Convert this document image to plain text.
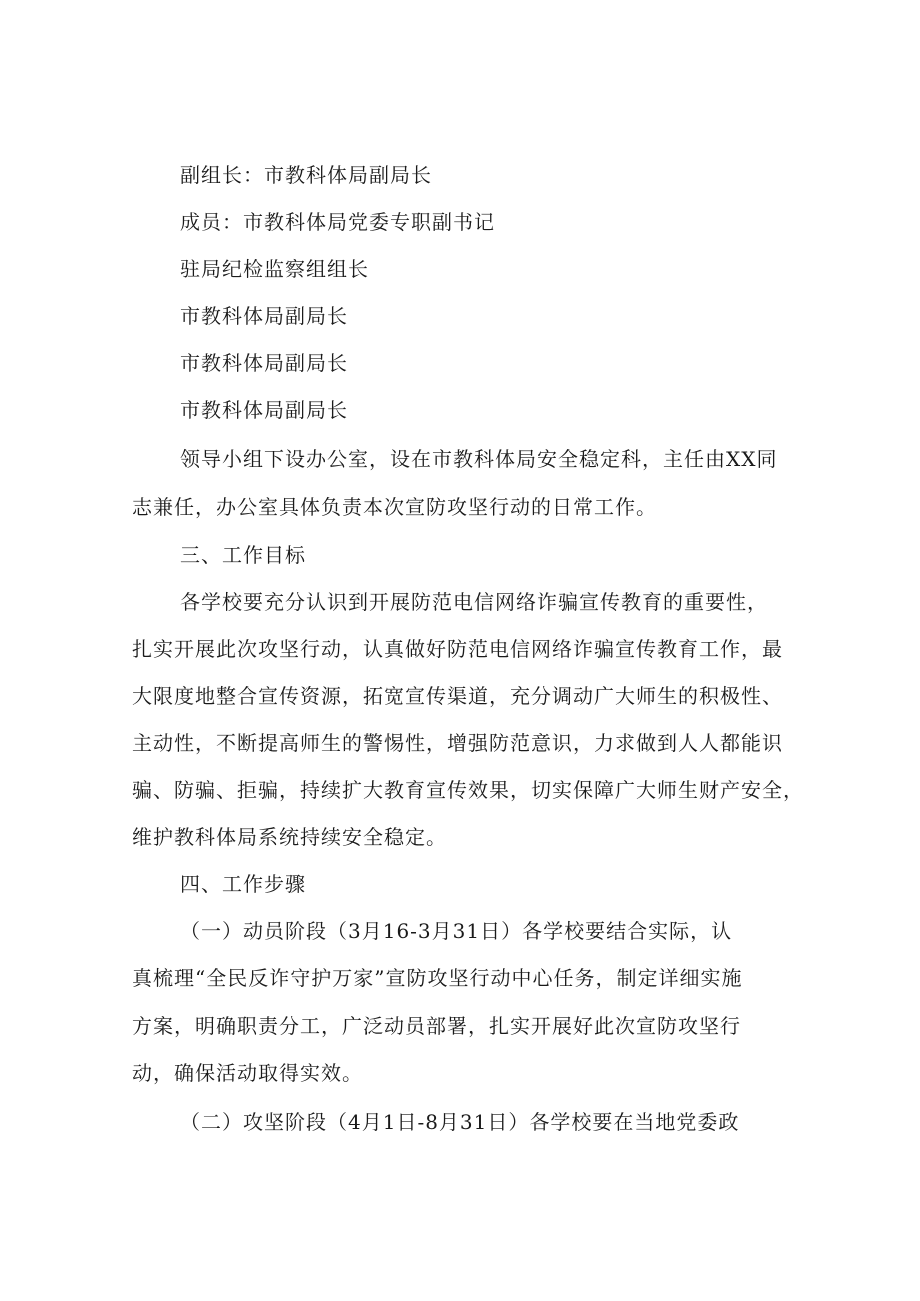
副组长：市教科体局副局长
成员：市教科体局党委专职副书记
驻局纪检监察组组长
市教科体局副局长
市教科体局副局长
市教科体局副局长
领导小组下设办公室，设在市教科体局安全稳定科，主任由XX同
志兼任，办公室具体负责本次宣防攻坚行动的日常工作。
三、工作目标
各学校要充分认识到开展防范电信网络诈骗宣传教育的重要性，
扎实开展此次攻坚行动，认真做好防范电信网络诈骗宣传教育工作，最
大限度地整合宣传资源，拓宽宣传渠道，充分调动广大师生的积极性、
主动性，不断提高师生的警惕性，增强防范意识，力求做到人人都能识
骗、防骗、拒骗，持续扩大教育宣传效果，切实保障广大师生财产安全，
维护教科体局系统持续安全稳定。
四、工作步骤
（一）动员阶段（3月16-3月31日）各学校要结合实际，认
真梳理“全民反诈守护万家”宣防攻坚行动中心任务，制定详细实施
方案，明确职责分工，广泛动员部署，扎实开展好此次宣防攻坚行
动，确保活动取得实效。
（二）攻坚阶段（4月1日-8月31日）各学校要在当地党委政
